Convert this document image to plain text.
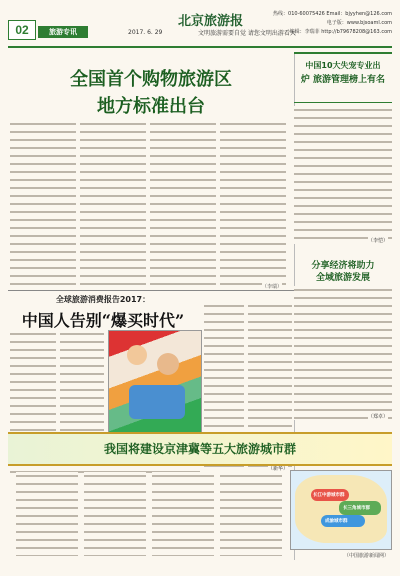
02	旅游专讯	2017. 6. 29
北京旅游报
文明旅游需要自觉 请您文明出游看大
热线：010-60075426 Email：bjyyhen@126.com
电子版：www.bjsoaml.com
编辑：李瑞菲 http://b79678208@163.com
全国首个购物旅游区
地方标准出台
（李瑞）
全球旅游消费报告2017：
中国人告别“爆买时代”
（新华）
中国10大失宠专业出
炉 旅游管理榜上有名
（李恺）
分享经济将助力
全域旅游发展
（郑卓）
我国将建设京津冀等五大旅游城市群
长江中游城市群
长三角城市群
成渝城市群
（中国旅游新闻网）
